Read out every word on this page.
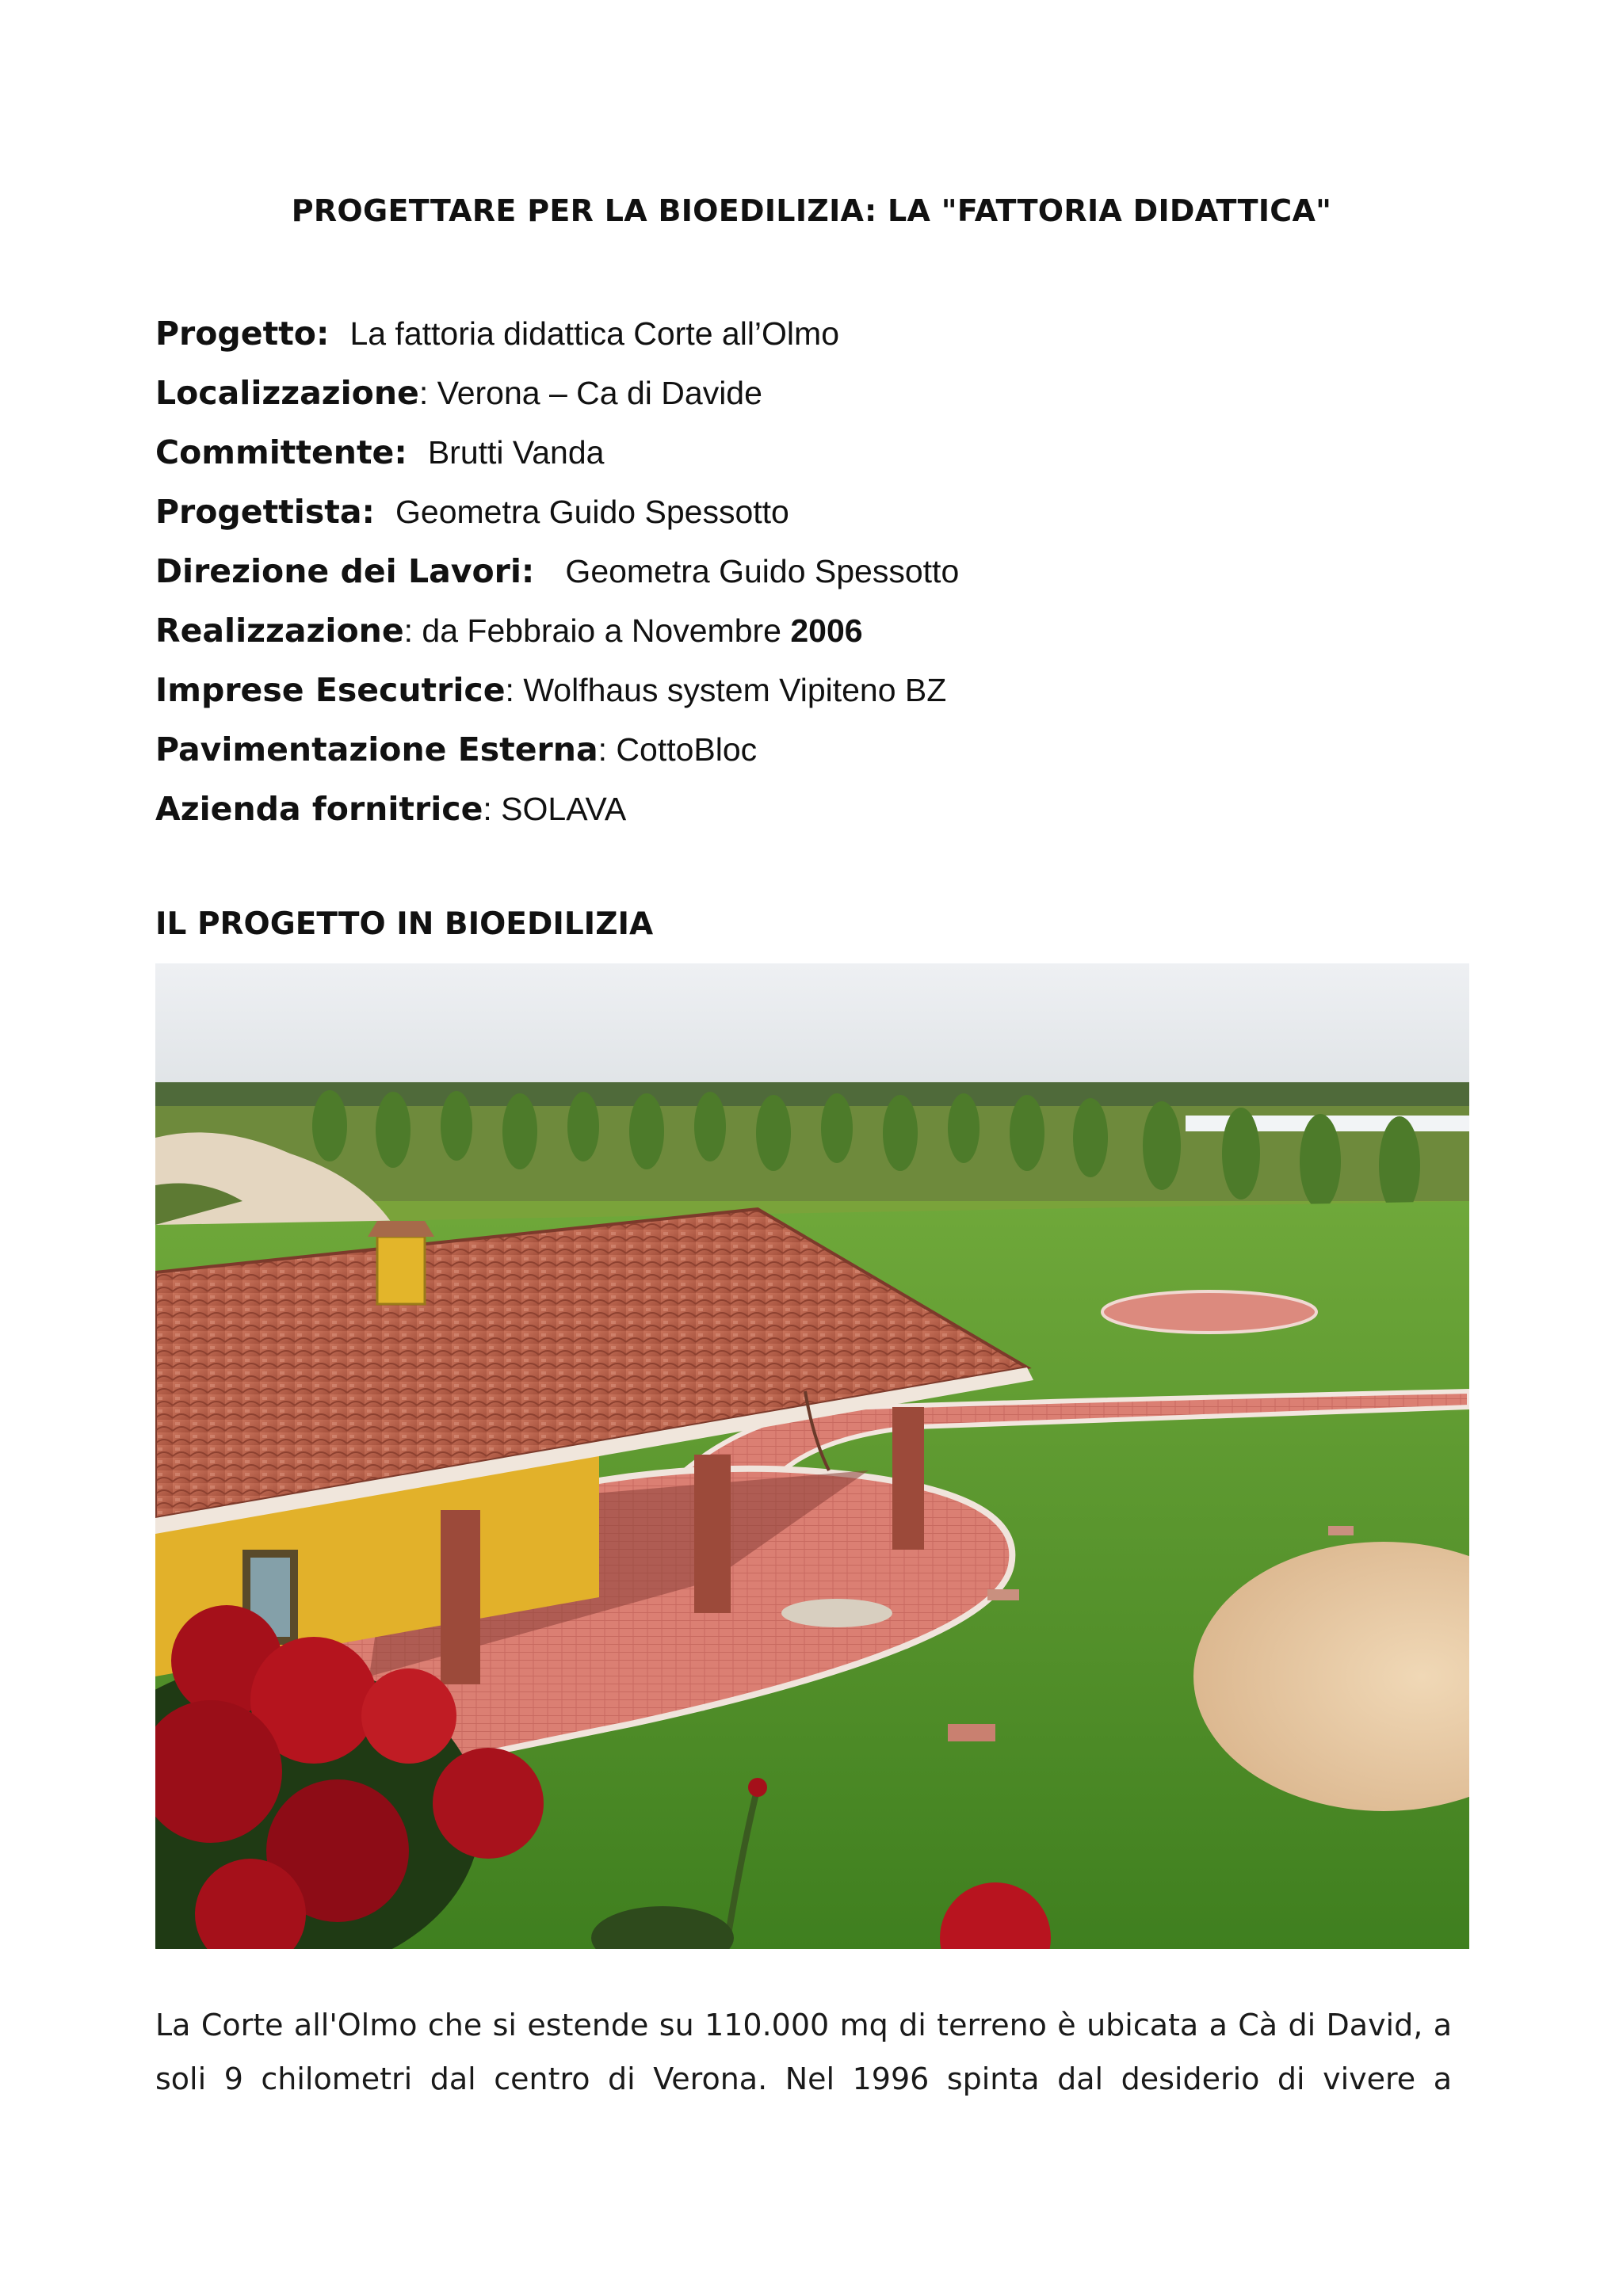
PROGETTARE PER LA BIOEDILIZIA: LA "FATTORIA DIDATTICA"
Progetto: La fattoria didattica Corte all’Olmo
Localizzazione: Verona – Ca di Davide
Committente: Brutti Vanda
Progettista: Geometra Guido Spessotto
Direzione dei Lavori: Geometra Guido Spessotto
Realizzazione: da Febbraio a Novembre 2006
Imprese Esecutrice: Wolfhaus system Vipiteno BZ
Pavimentazione Esterna: CottoBloc
Azienda fornitrice: SOLAVA
IL PROGETTO IN BIOEDILIZIA
La Corte all'Olmo che si estende su 110.000 mq di terreno è ubicata a Cà di David, a
soli 9 chilometri dal centro di Verona. Nel 1996 spinta dal desiderio di vivere a
